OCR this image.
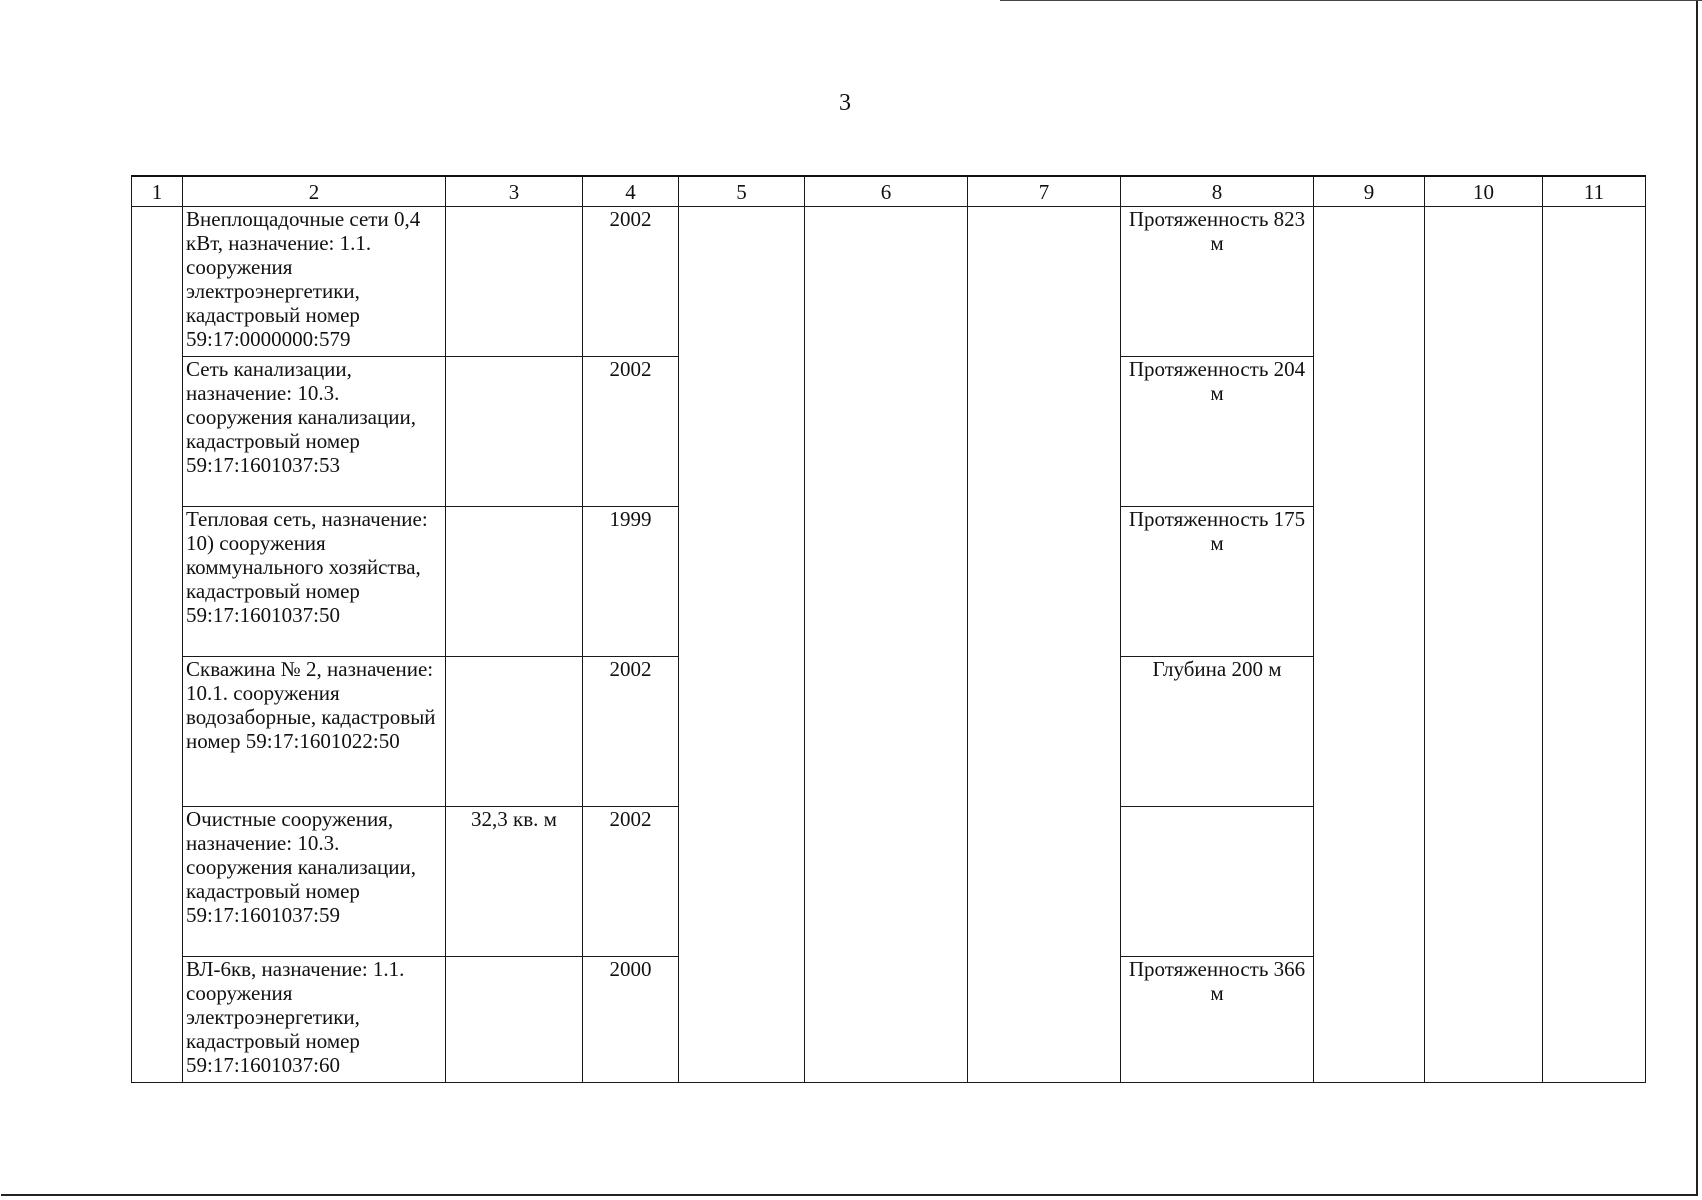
3
1	2	3	4	5	6	7	8	9	10	11
	Внеплощадочные сети 0,4 кВт, назначение: 1.1. сооружения электроэнергетики, кадастровый номер 59:17:0000000:579		2002				Протяженность 823 м			
	Сеть канализации, назначение: 10.3. сооружения канализации, кадастровый номер 59:17:1601037:53		2002				Протяженность 204 м			
	Тепловая сеть, назначение: 10) сооружения коммунального хозяйства, кадастровый номер 59:17:1601037:50		1999				Протяженность 175 м			
	Скважина № 2, назначение: 10.1. сооружения водозаборные, кадастровый номер 59:17:1601022:50		2002				Глубина 200 м			
	Очистные сооружения, назначение: 10.3. сооружения канализации, кадастровый номер 59:17:1601037:59	32,3 кв. м	2002							
	ВЛ-6кв, назначение: 1.1. сооружения электроэнергетики, кадастровый номер 59:17:1601037:60		2000				Протяженность 366 м			
